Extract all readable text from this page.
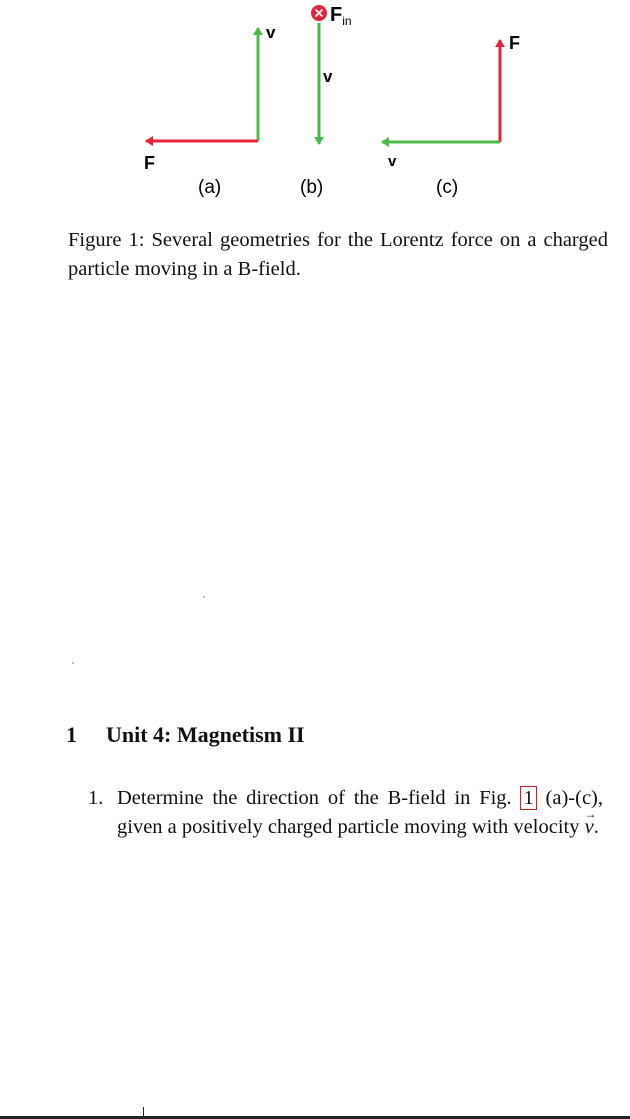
v
F
(a)
$F_{in}$
v
(b)
F
v
(c)
Figure 1: Several geometries for the Lorentz force on a charged particle moving in a B-field.
1 Unit 4: Magnetism II
1. Determine the direction of the B-field in Fig. 1 (a)-(c), given a positively charged particle moving with velocity → v.
